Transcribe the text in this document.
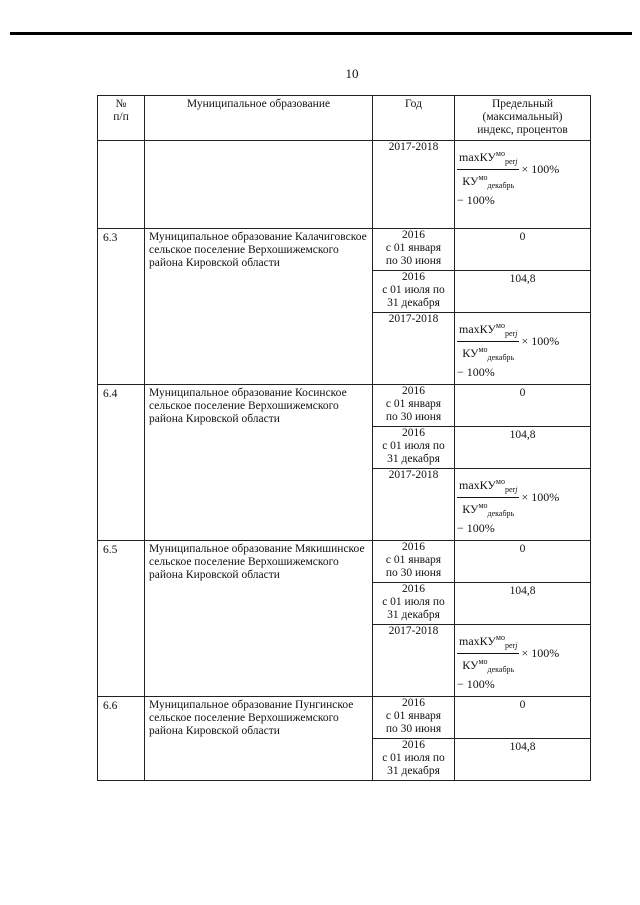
10
№
п/п	Муниципальное образование	Год	Предельный
(максимальный)
индекс, процентов
		2017-2018	$\frac{\max КУ^{мо}_{perj}}{КУ^{мо}_{декабрь}} \times 100\%$
− 100%

6.3	Муниципальное образование Калачиговское сельское поселение Верхошижемского района Кировской области	2016
с 01 января
по 30 июня	0
		2016
с 01 июля по
31 декабря	104,8
		2017-2018	$\frac{\max КУ^{мо}_{perj}}{КУ^{мо}_{декабрь}} \times 100\%$
− 100%

6.4	Муниципальное образование Косинское сельское поселение Верхошижемского района Кировской области	2016
с 01 января
по 30 июня	0
		2016
с 01 июля по
31 декабря	104,8
		2017-2018	$\frac{\max КУ^{мо}_{perj}}{КУ^{мо}_{декабрь}} \times 100\%$
− 100%

6.5	Муниципальное образование Мякишинское сельское поселение Верхошижемского района Кировской области	2016
с 01 января
по 30 июня	0
		2016
с 01 июля по
31 декабря	104,8
		2017-2018	$\frac{\max КУ^{мо}_{perj}}{КУ^{мо}_{декабрь}} \times 100\%$
− 100%

6.6	Муниципальное образование Пунгинское сельское поселение Верхошижемского района Кировской области	2016
с 01 января
по 30 июня	0
		2016
с 01 июля по
31 декабря	104,8
